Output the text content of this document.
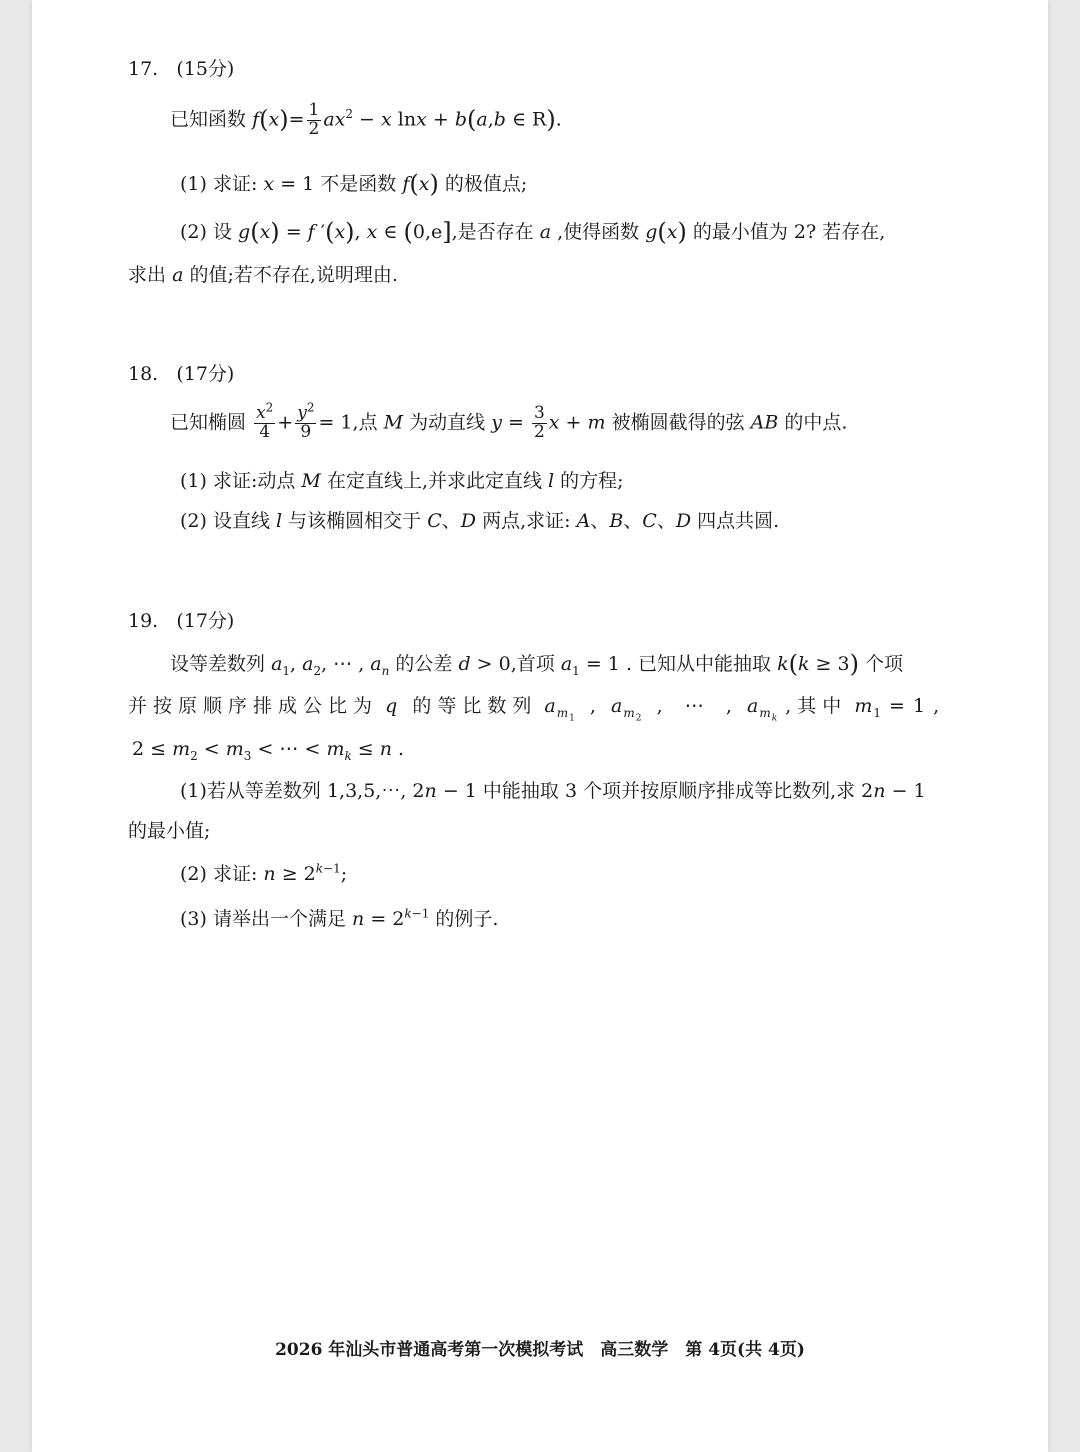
17. (15分)
已知函数 $f(x)= \frac{1}{2} ax^2 - x$ lnx + b(a,b ∈ R).
(1) 求证: x = 1 不是函数 f(x) 的极值点;
(2) 设 g(x) = f ′(x), x ∈ (0,e],是否存在 a ,使得函数 g(x) 的最小值为 2? 若存在,
求出 a 的值;若不存在,说明理由.
18. (17分)
已知椭圆 $\frac{x^2}{4} + \frac{y^2}{9} = 1$,点 M 为动直线 $y = \frac{3}{2}$ x + m 被椭圆截得的弦 AB 的中点.
(1) 求证:动点 M 在定直线上,并求此定直线 l 的方程;
(2) 设直线 l 与该椭圆相交于 C、D 两点,求证: A、B、C、D 四点共圆.
19. (17分)
设等差数列 $a_1$, $a_2$, ⋯ , $a_n$ 的公差 d > 0,首项 $a_1 = 1$ . 已知从中能抽取 k(k ≥ 3) 个项
并按原顺序排成公比为 q 的等比数列 $a_{m_1}$  ,  $a_{m_2}$  ,   ⋯   ,  $a_{m_k}$ ,其中 $m_1 = 1$ ,
$2 \le m_2 < m_3$ < ⋯ < $m_k \le n$ .
(1)若从等差数列 1,3,5,⋯, 2n − 1 中能抽取 3 个项并按原顺序排成等比数列,求 2n − 1
的最小值;
(2) 求证: $n \ge 2^{k-1}$;
(3) 请举出一个满足 $n = 2^{k-1}$ 的例子.
2026 年汕头市普通高考第一次模拟考试　高三数学　第 4页(共 4页)
